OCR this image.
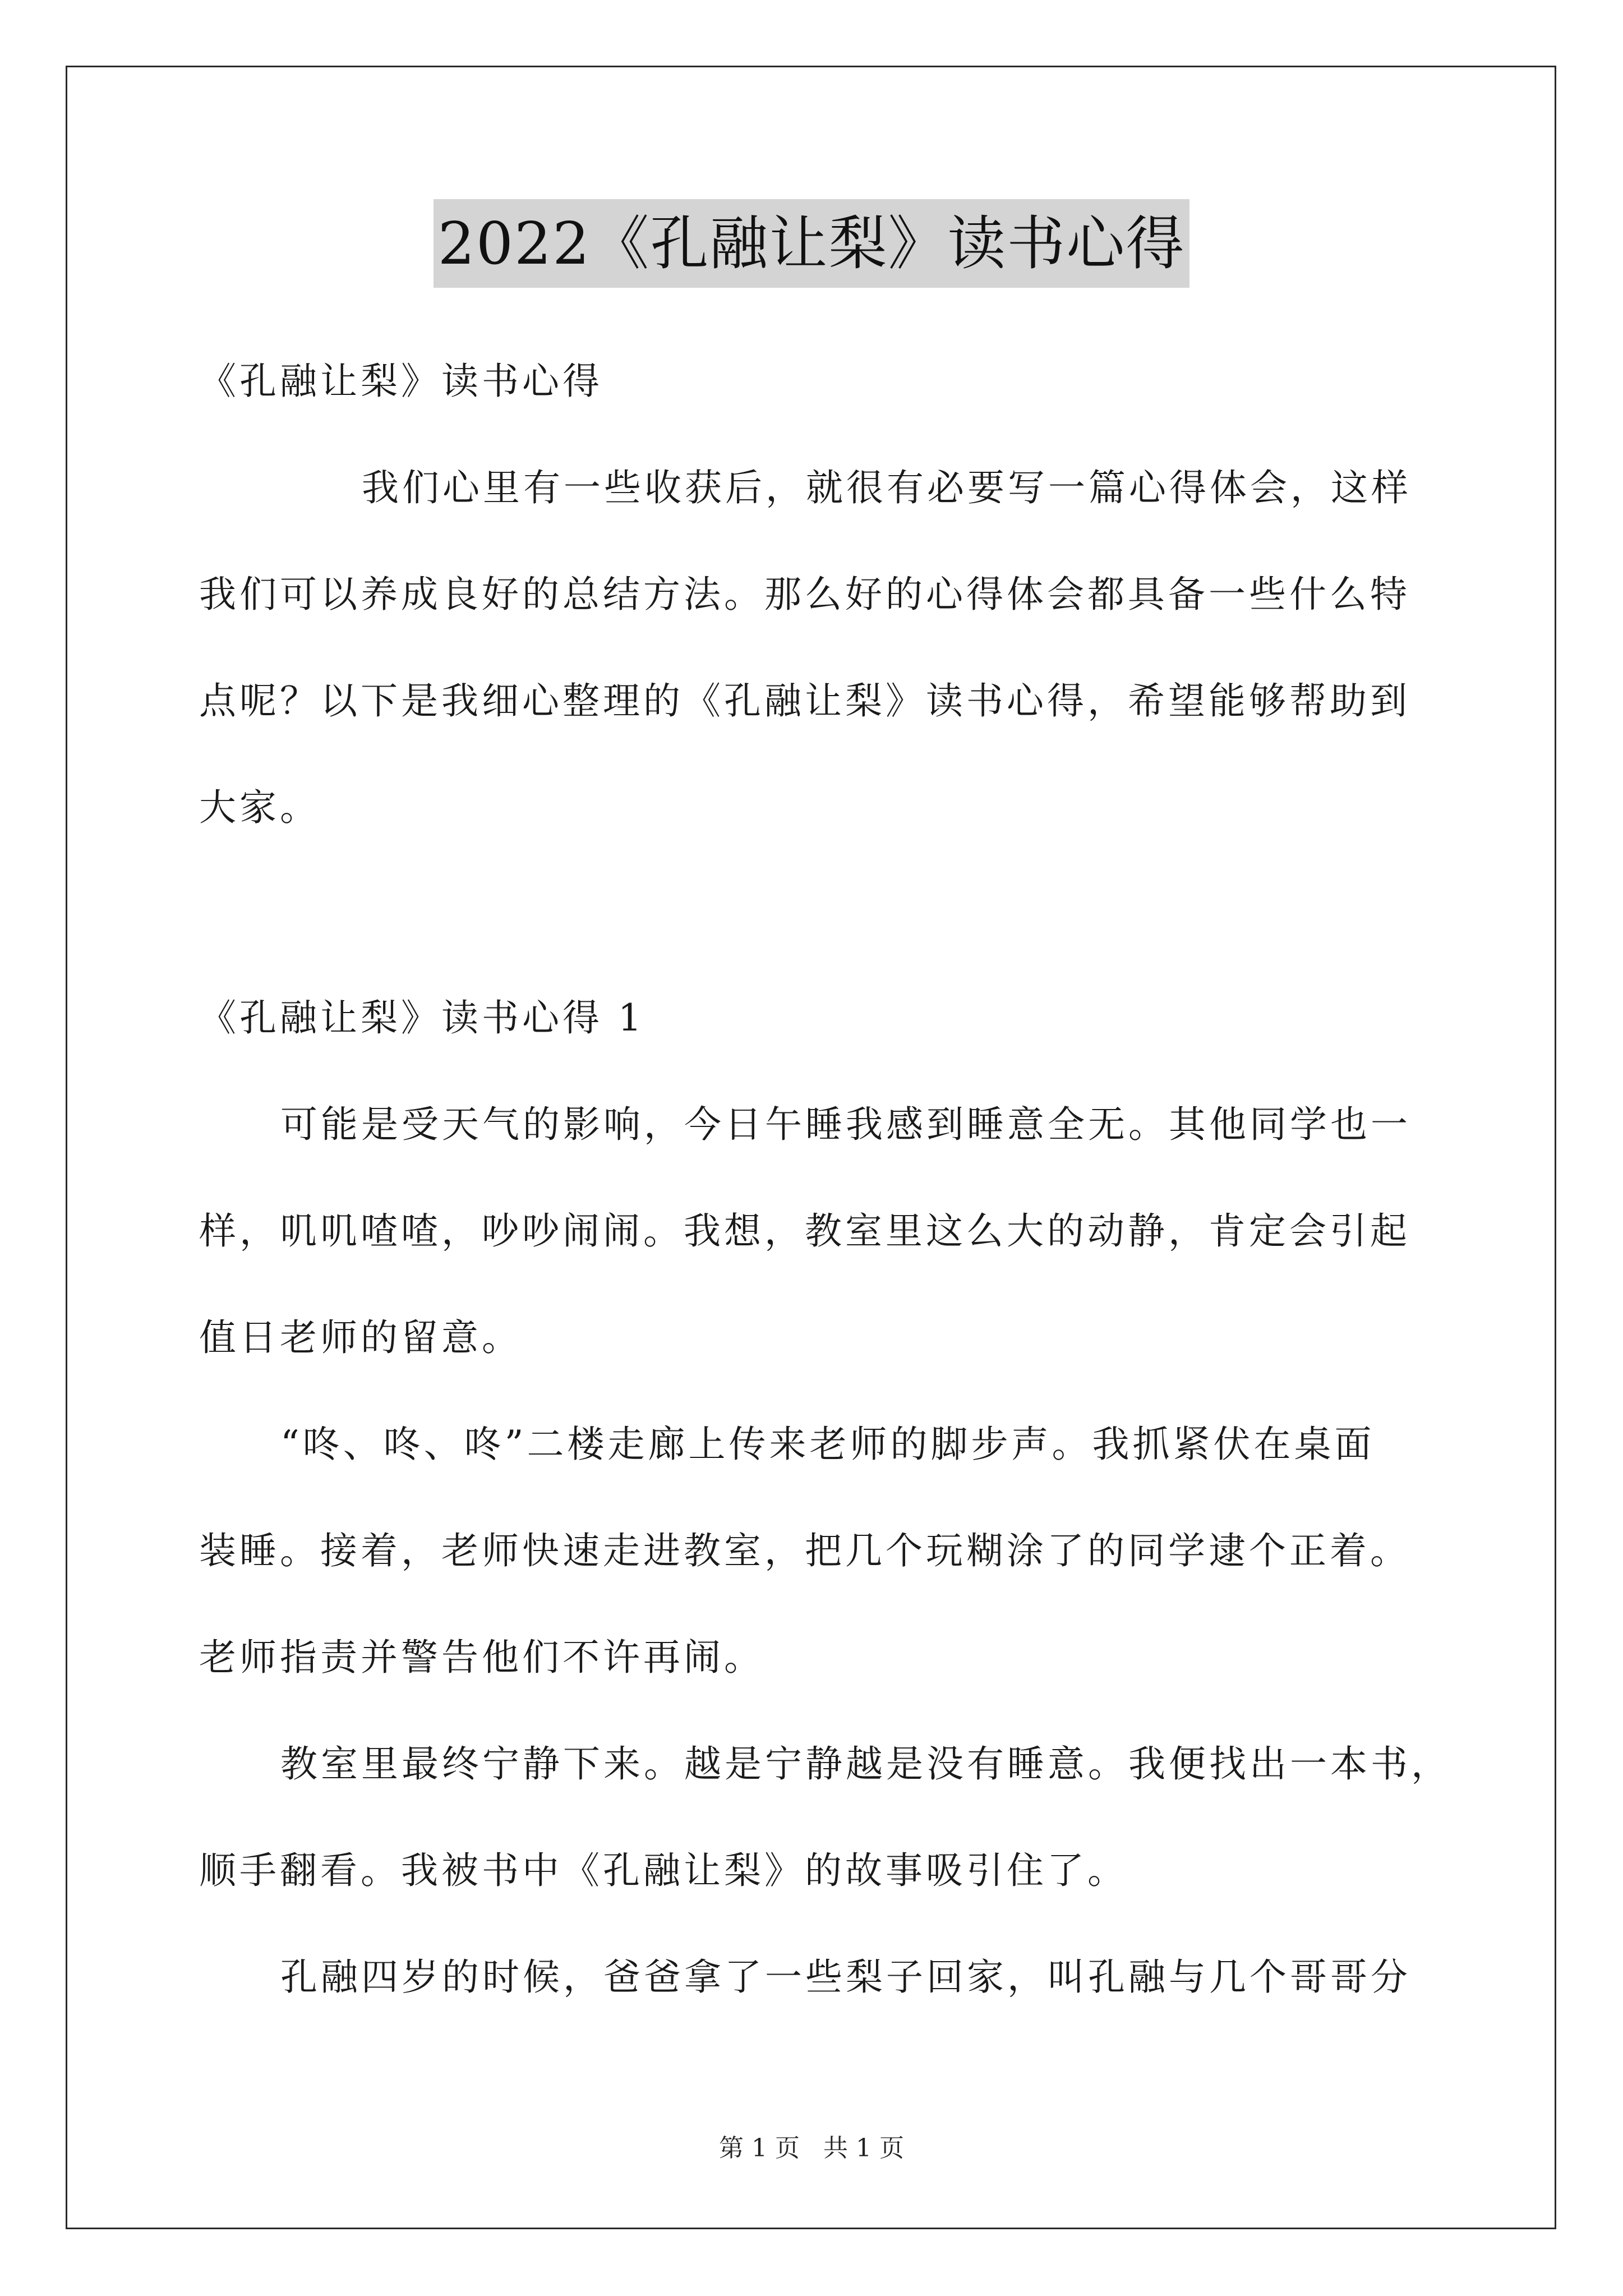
2022《孔融让梨》读书心得
《孔融让梨》读书心得
我们心里有一些收获后，就很有必要写一篇心得体会，这样
我们可以养成良好的总结方法。那么好的心得体会都具备一些什么特
点呢？以下是我细心整理的《孔融让梨》读书心得，希望能够帮助到
大家。
《孔融让梨》读书心得 1
可能是受天气的影响，今日午睡我感到睡意全无。其他同学也一
样，叽叽喳喳，吵吵闹闹。我想，教室里这么大的动静，肯定会引起
值日老师的留意。
“咚、咚、咚”二楼走廊上传来老师的脚步声。我抓紧伏在桌面
装睡。接着，老师快速走进教室，把几个玩糊涂了的同学逮个正着。
老师指责并警告他们不许再闹。
教室里最终宁静下来。越是宁静越是没有睡意。我便找出一本书，
顺手翻看。我被书中《孔融让梨》的故事吸引住了。
孔融四岁的时候，爸爸拿了一些梨子回家，叫孔融与几个哥哥分
第 1 页 共 1 页
